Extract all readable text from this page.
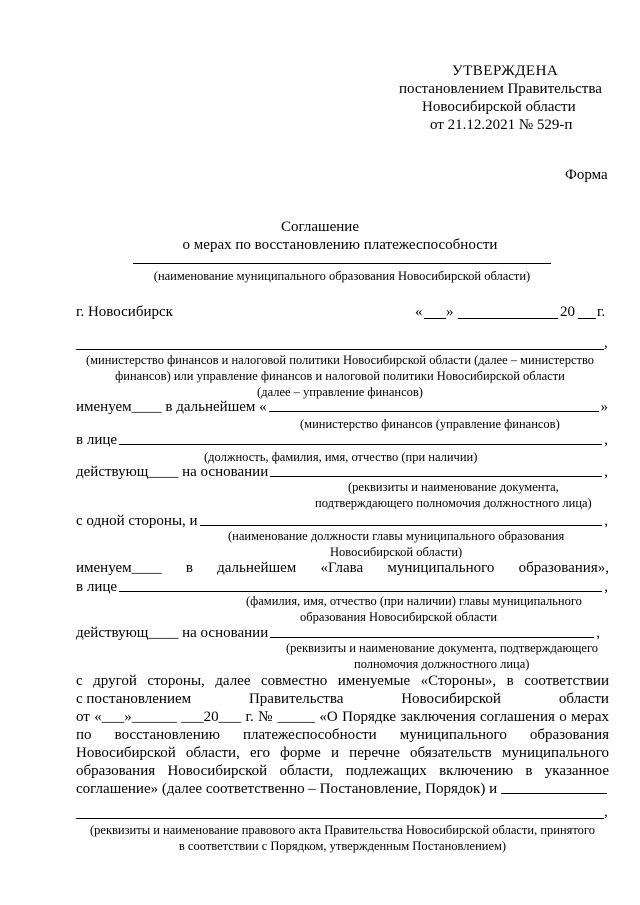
УТВЕРЖДЕНА
постановлением Правительства
Новосибирской области
от 21.12.2021 № 529-п
Форма
Соглашение
о мерах по восстановлению платежеспособности
(наименование муниципального образования Новосибирской области)
г. Новосибирск	« »	20 г.
,
(министерство финансов и налоговой политики Новосибирской области (далее – министерство
финансов) или управление финансов и налоговой политики Новосибирской области
(далее – управление финансов)
именуем____ в дальнейшем «	»
(министерство финансов (управление финансов)
в лице	,
(должность, фамилия, имя, отчество (при наличии)
действующ____ на основании	,
(реквизиты и наименование документа,
подтверждающего полномочия должностного лица)
с одной стороны, и	,
(наименование должности главы муниципального образования
Новосибирской области)
именуем____ в дальнейшем «Глава муниципального образования»,
в лице	,
(фамилия, имя, отчество (при наличии) главы муниципального
образования Новосибирской области
действующ____ на основании	,
(реквизиты и наименование документа, подтверждающего
полномочия должностного лица)
с другой стороны, далее совместно именуемые «Стороны», в соответствии
с постановлением	Правительства	Новосибирской	области
от «___»______ ___20___ г. № _____ «О Порядке заключения соглашения о мерах
по восстановлению платежеспособности муниципального образования
Новосибирской области, его форме и перечне обязательств муниципального
образования Новосибирской области, подлежащих включению в указанное
соглашение» (далее соответственно – Постановление, Порядок) и
,
(реквизиты и наименование правового акта Правительства Новосибирской области, принятого
в соответствии с Порядком, утвержденным Постановлением)
